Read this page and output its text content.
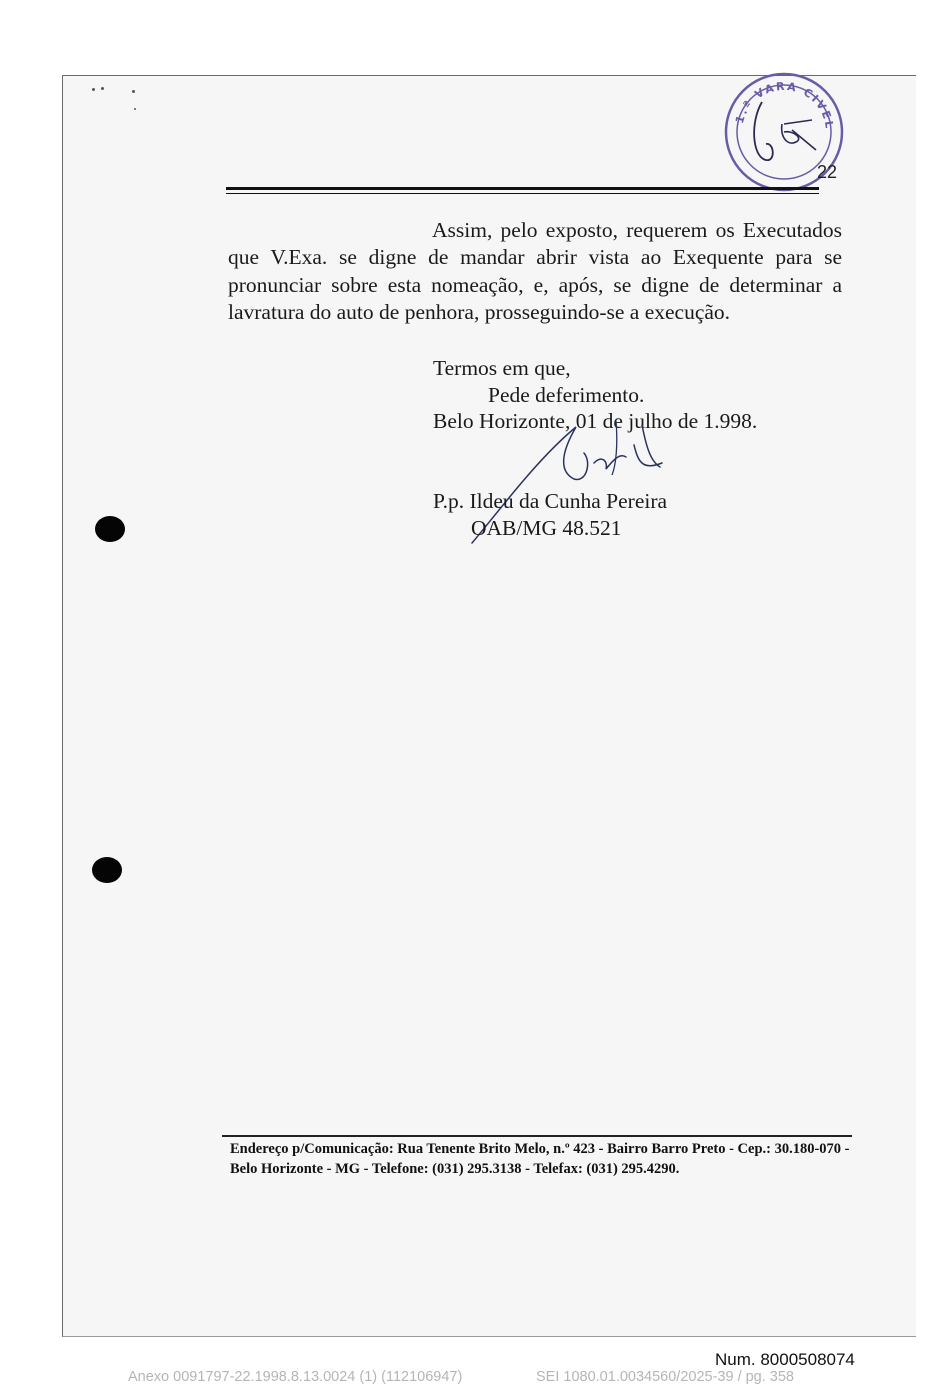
1.ª VARA CIVEL
22

Assim, pelo exposto, requerem os Executados que V.Exa. se digne de mandar abrir vista ao Exequente para se pronunciar sobre esta nomeação, e, após, se digne de determinar a lavratura do auto de penhora, prosseguindo-se a execução.

Termos em que,
Pede deferimento.
Belo Horizonte, 01 de julho de 1.998.
P.p. Ildeu da Cunha Pereira
OAB/MG 48.521

Endereço p/Comunicação: Rua Tenente Brito Melo, n.º 423 - Bairro Barro Preto - Cep.: 30.180-070 - Belo Horizonte - MG - Telefone: (031) 295.3138 - Telefax: (031) 295.4290.

Num. 8000508074
Anexo 0091797-22.1998.8.13.0024 (1) (112106947)	SEI 1080.01.0034560/2025-39 / pg. 358
